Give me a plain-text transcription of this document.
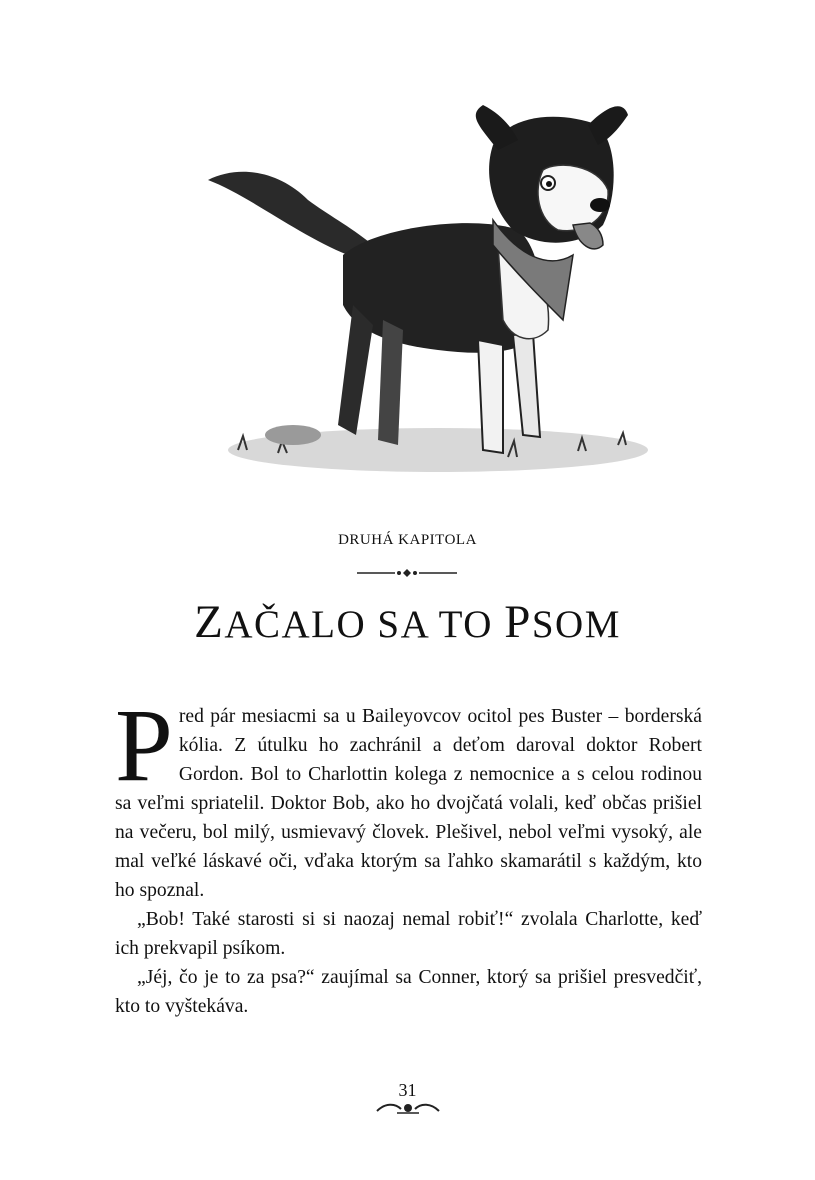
DRUHÁ KAPITOLA
ZAČALO SA TO PSOM

Pred pár mesiacmi sa u Baileyovcov ocitol pes Buster – borderská kólia. Z útulku ho zachránil a deťom daroval doktor Robert Gordon. Bol to Charlottin kolega z nemocnice a s celou rodinou sa veľmi spriatelil. Doktor Bob, ako ho dvojčatá volali, keď občas prišiel na večeru, bol milý, usmievavý človek. Plešivel, nebol veľmi vysoký, ale mal veľké láskavé oči, vďaka ktorým sa ľahko skamarátil s každým, kto ho spoznal.

„Bob! Také starosti si si naozaj nemal robiť!“ zvolala Charlotte, keď ich prekvapil psíkom.

„Jéj, čo je to za psa?“ zaujímal sa Conner, ktorý sa prišiel presvedčiť, kto to vyštekáva.

31
